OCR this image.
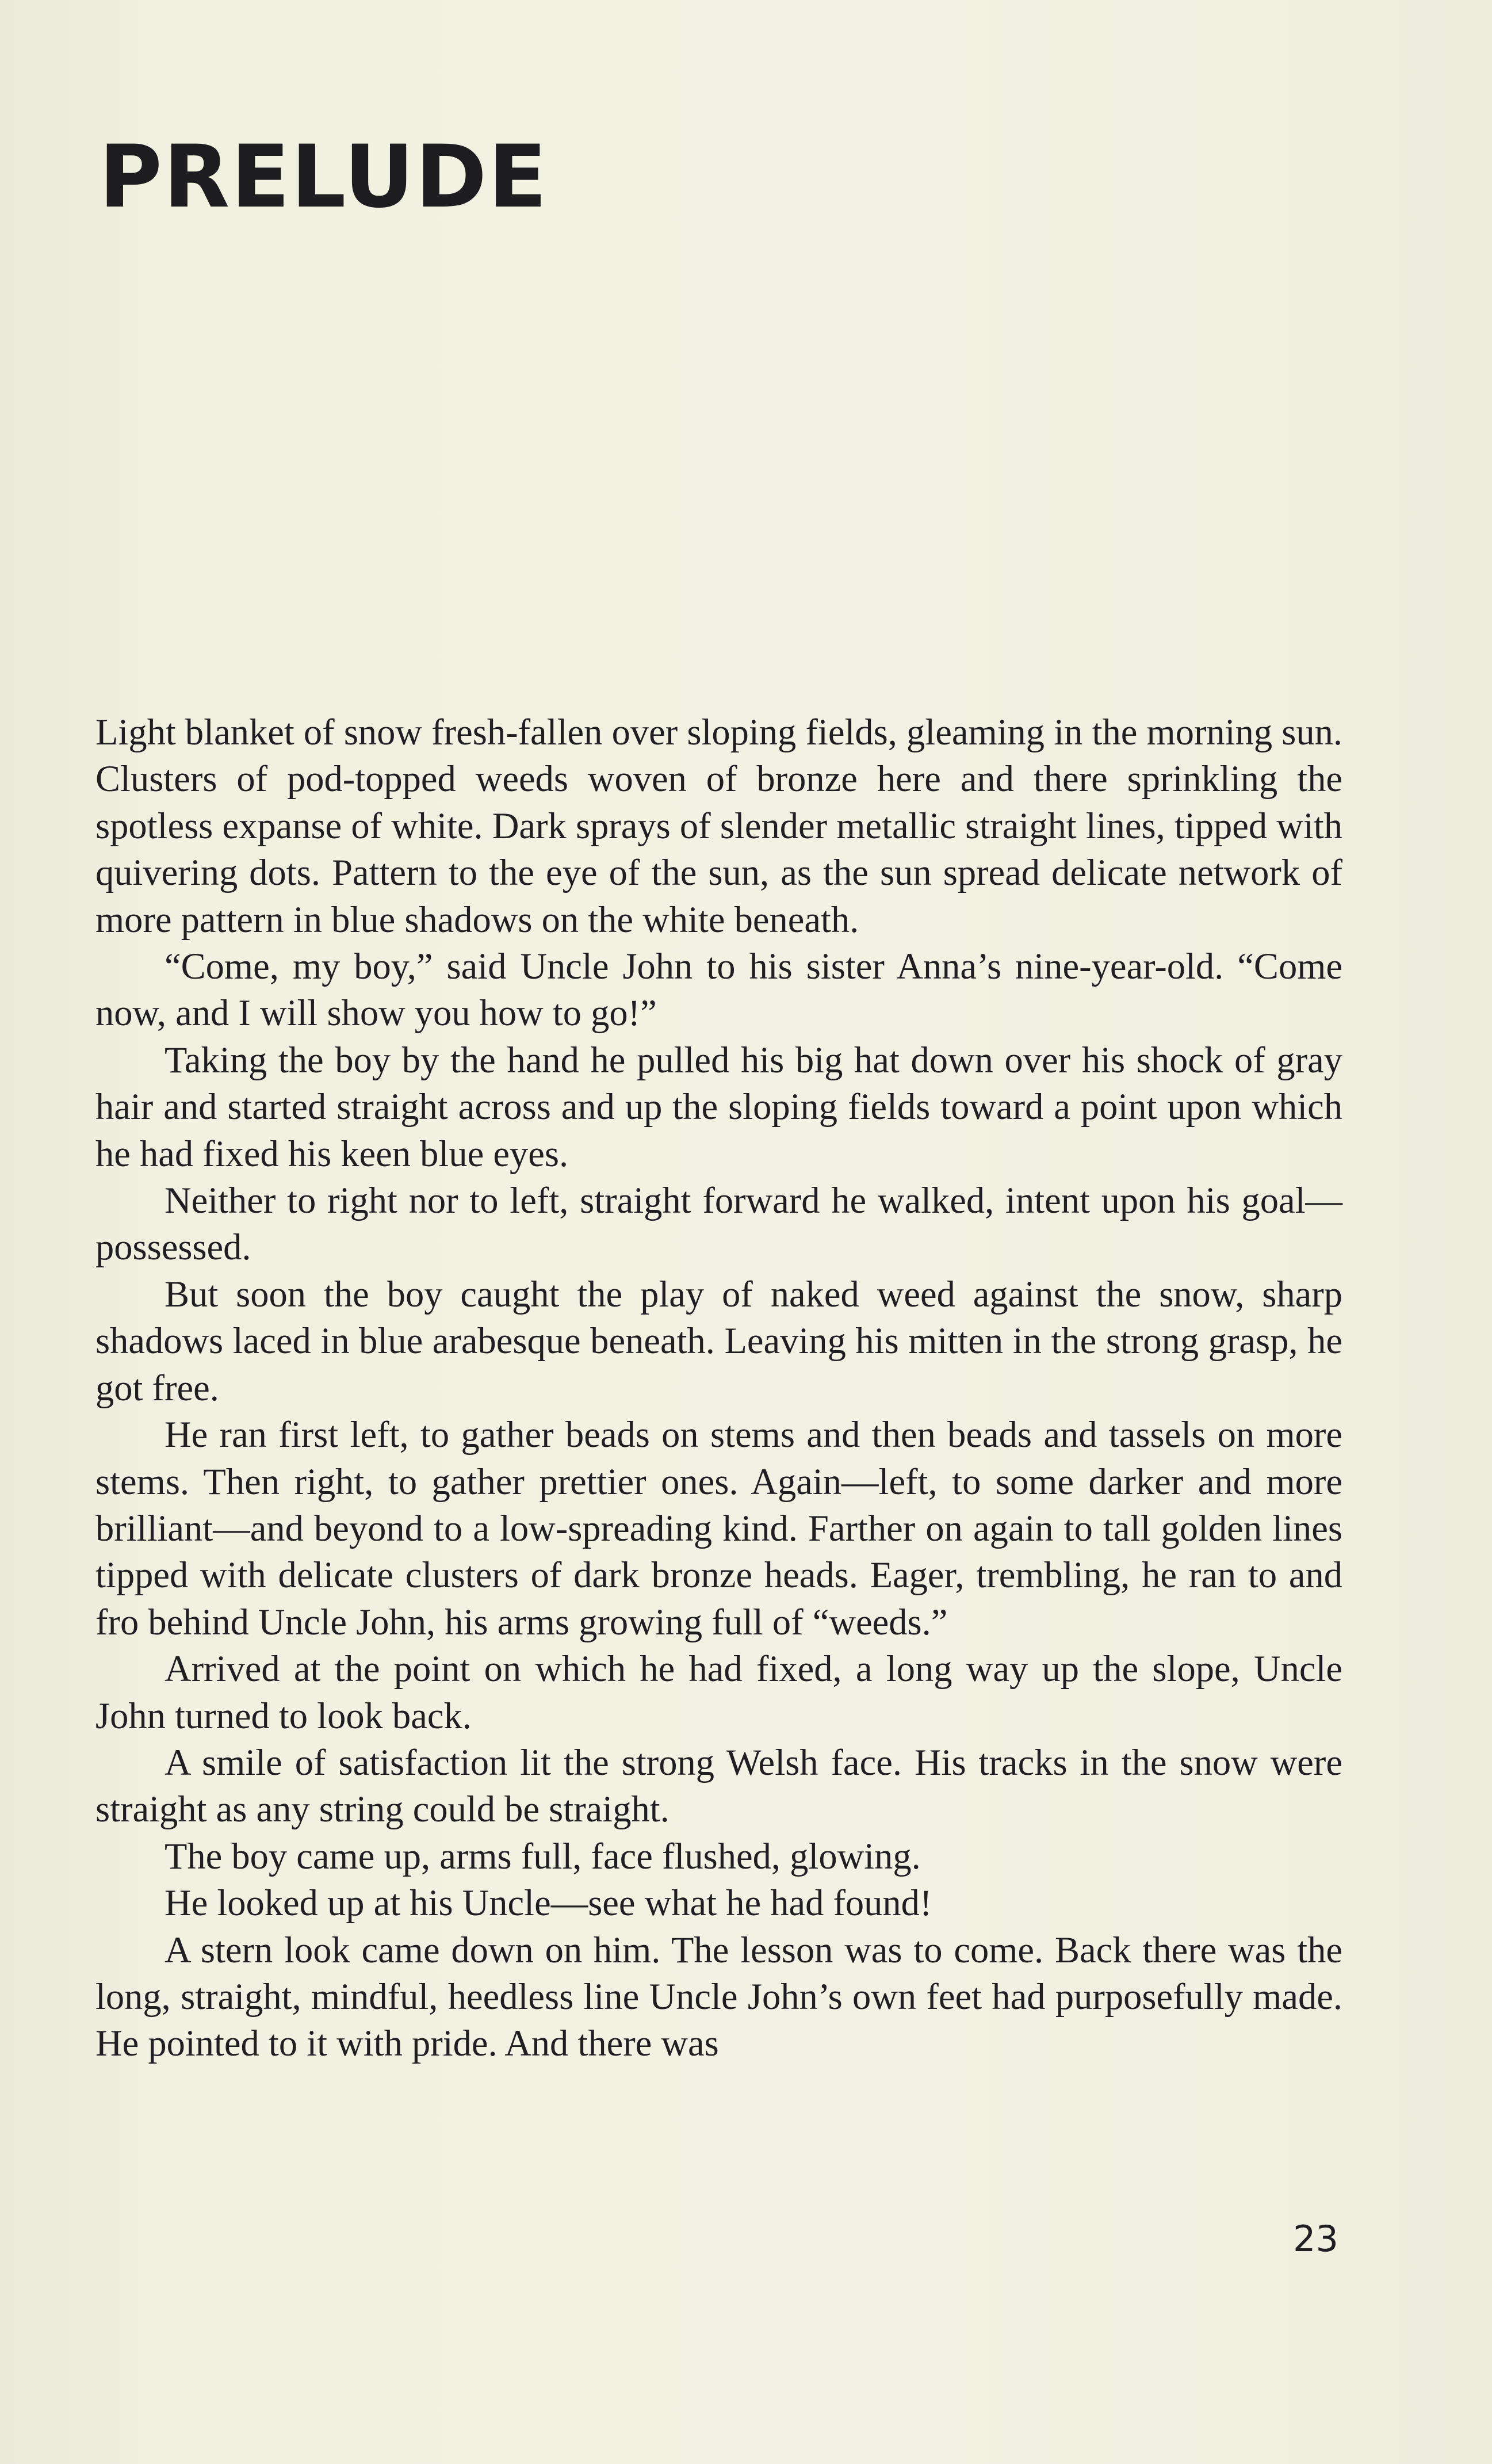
PRELUDE

Light blanket of snow fresh-fallen over sloping fields, gleaming in the morning sun. Clusters of pod-topped weeds woven of bronze here and there sprinkling the spotless expanse of white. Dark sprays of slender metallic straight lines, tipped with quivering dots. Pattern to the eye of the sun, as the sun spread delicate network of more pattern in blue shadows on the white beneath.

“Come, my boy,” said Uncle John to his sister Anna’s nine-year-old. “Come now, and I will show you how to go!”

Taking the boy by the hand he pulled his big hat down over his shock of gray hair and started straight across and up the sloping fields toward a point upon which he had fixed his keen blue eyes.

Neither to right nor to left, straight forward he walked, intent upon his goal—possessed.

But soon the boy caught the play of naked weed against the snow, sharp shadows laced in blue arabesque beneath. Leaving his mitten in the strong grasp, he got free.

He ran first left, to gather beads on stems and then beads and tassels on more stems. Then right, to gather prettier ones. Again—left, to some darker and more brilliant—and beyond to a low-spreading kind. Farther on again to tall golden lines tipped with delicate clusters of dark bronze heads. Eager, trembling, he ran to and fro behind Uncle John, his arms growing full of “weeds.”

Arrived at the point on which he had fixed, a long way up the slope, Uncle John turned to look back.

A smile of satisfaction lit the strong Welsh face. His tracks in the snow were straight as any string could be straight.

The boy came up, arms full, face flushed, glowing.

He looked up at his Uncle—see what he had found!

A stern look came down on him. The lesson was to come. Back there was the long, straight, mindful, heedless line Uncle John’s own feet had purposefully made. He pointed to it with pride. And there was

23
